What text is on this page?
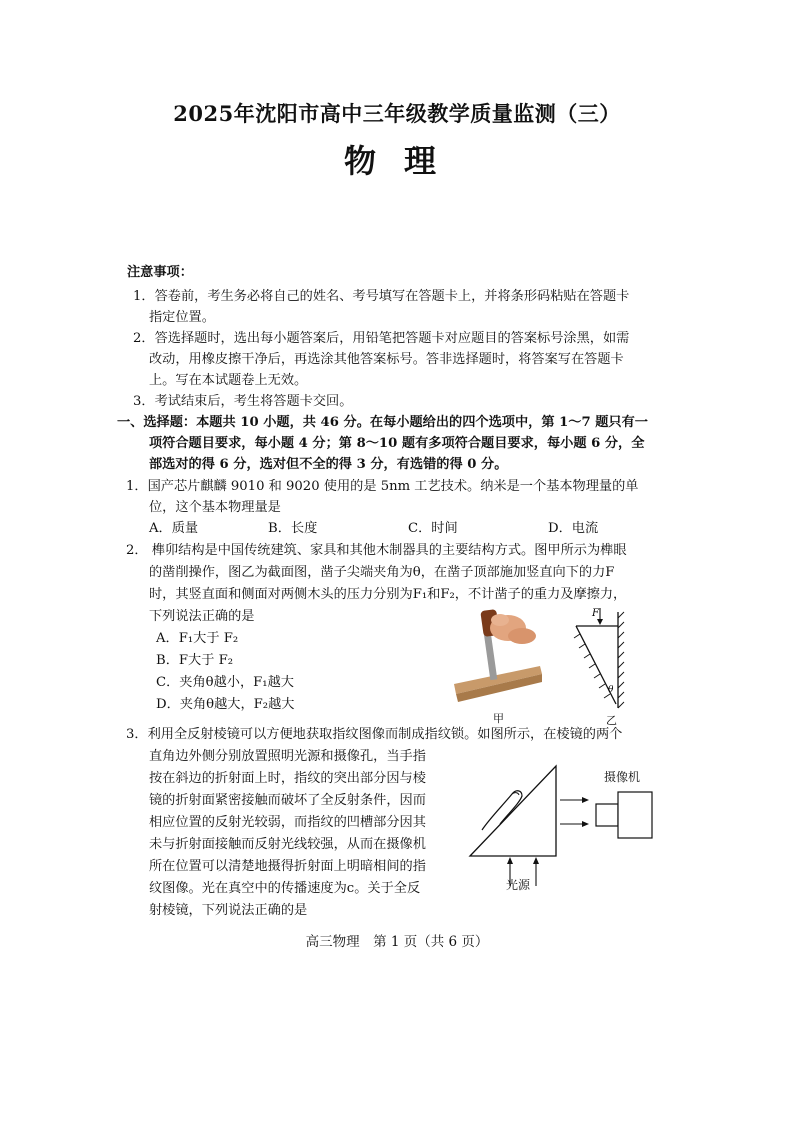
2025年沈阳市高中三年级教学质量监测（三）
物理
注意事项：
1．答卷前，考生务必将自己的姓名、考号填写在答题卡上，并将条形码粘贴在答题卡
指定位置。
2．答选择题时，选出每小题答案后，用铅笔把答题卡对应题目的答案标号涂黑，如需
改动，用橡皮擦干净后，再选涂其他答案标号。答非选择题时，将答案写在答题卡
上。写在本试题卷上无效。
3．考试结束后，考生将答题卡交回。
一、选择题：本题共 10 小题，共 46 分。在每小题给出的四个选项中，第 1～7 题只有一
项符合题目要求，每小题 4 分；第 8～10 题有多项符合题目要求，每小题 6 分，全
部选对的得 6 分，选对但不全的得 3 分，有选错的得 0 分。
1．国产芯片麒麟 9010 和 9020 使用的是 5nm 工艺技术。纳米是一个基本物理量的单
位，这个基本物理量是
A．质量	B．长度	C．时间	D．电流
2． 榫卯结构是中国传统建筑、家具和其他木制器具的主要结构方式。图甲所示为榫眼
的凿削操作，图乙为截面图，凿子尖端夹角为θ，在凿子顶部施加竖直向下的力F
时，其竖直面和侧面对两侧木头的压力分别为F₁和F₂，不计凿子的重力及摩擦力，
下列说法正确的是
A．F₁大于 F₂
B．F大于 F₂
C．夹角θ越小，F₁越大
D．夹角θ越大，F₂越大
甲
F
θ
乙
3．利用全反射棱镜可以方便地获取指纹图像而制成指纹锁。如图所示，在棱镜的两个
直角边外侧分别放置照明光源和摄像孔，当手指
按在斜边的折射面上时，指纹的突出部分因与棱
镜的折射面紧密接触而破坏了全反射条件，因而
相应位置的反射光较弱，而指纹的凹槽部分因其
未与折射面接触而反射光线较强，从而在摄像机
所在位置可以清楚地摄得折射面上明暗相间的指
纹图像。光在真空中的传播速度为c。关于全反
射棱镜，下列说法正确的是
摄像机
光源
高三物理　第 1 页（共 6 页）
